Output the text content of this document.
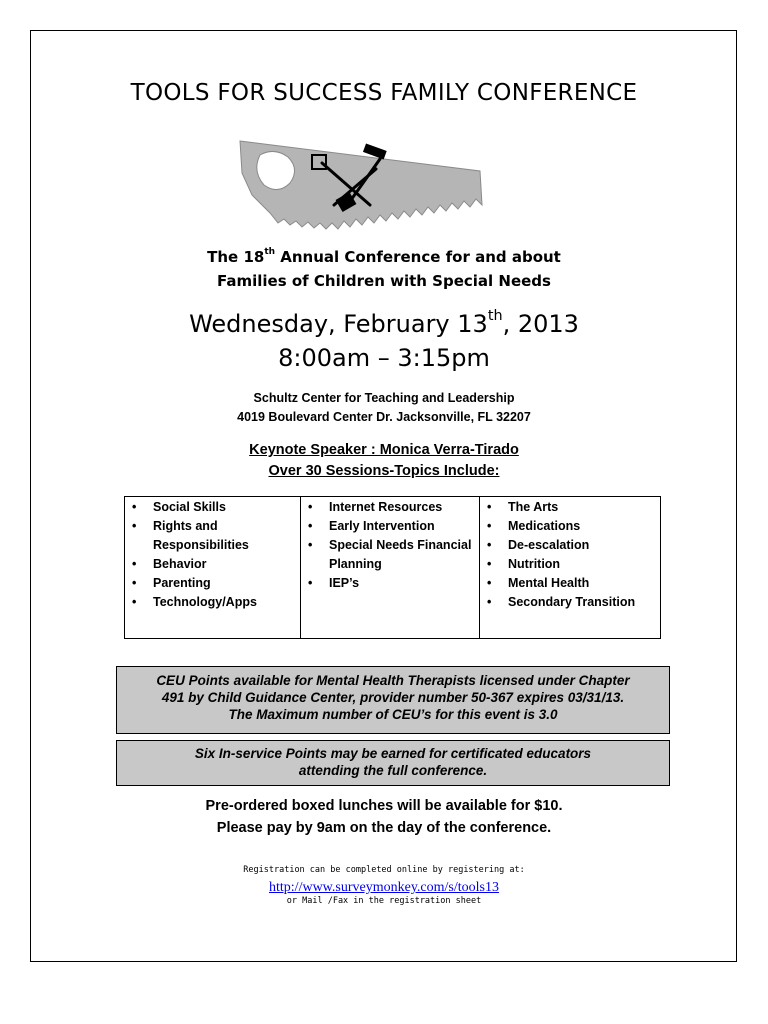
TOOLS FOR SUCCESS FAMILY CONFERENCE
The 18th Annual Conference for and about
Families of Children with Special Needs
Wednesday, February 13th, 2013
8:00am – 3:15pm
Schultz Center for Teaching and Leadership
4019 Boulevard Center Dr. Jacksonville, FL 32207
Keynote Speaker : Monica Verra-Tirado
Over 30 Sessions-Topics Include:
• Social Skills
• Rights and Responsibilities
• Behavior
• Parenting
• Technology/Apps
• Internet Resources
• Early Intervention
• Special Needs Financial Planning
• IEP’s
• The Arts
• Medications
• De-escalation
• Nutrition
• Mental Health
• Secondary Transition
CEU Points available for Mental Health Therapists licensed under Chapter
491 by Child Guidance Center, provider number 50-367 expires 03/31/13.
The Maximum number of CEU’s for this event is 3.0
Six In-service Points may be earned for certificated educators
attending the full conference.
Pre-ordered boxed lunches will be available for $10.
Please pay by 9am on the day of the conference.
Registration can be completed online by registering at:
http://www.surveymonkey.com/s/tools13
or Mail /Fax in the registration sheet
